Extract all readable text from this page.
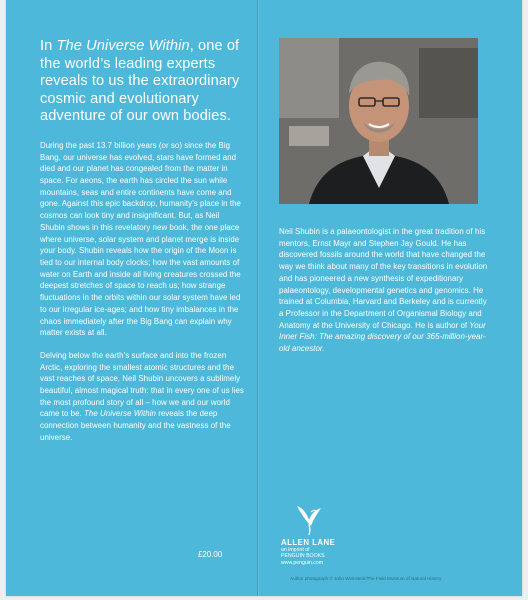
In The Universe Within, one of the world’s leading experts reveals to us the extraordinary cosmic and evolutionary adventure of our own bodies.

During the past 13.7 billion years (or so) since the Big Bang, our universe has evolved, stars have formed and died and our planet has congealed from the matter in space. For aeons, the earth has circled the sun while mountains, seas and entire continents have come and gone. Against this epic backdrop, humanity’s place in the cosmos can look tiny and insignificant. But, as Neil Shubin shows in this revelatory new book, the one place where universe, solar system and planet merge is inside your body. Shubin reveals how the origin of the Moon is tied to our internal body clocks; how the vast amounts of water on Earth and inside all living creatures crossed the deepest stretches of space to reach us; how strange fluctuations in the orbits within our solar system have led to our irregular ice-ages; and how tiny imbalances in the chaos immediately after the Big Bang can explain why matter exists at all.

Delving below the earth’s surface and into the frozen Arctic, exploring the smallest atomic structures and the vast reaches of space, Neil Shubin uncovers a sublimely beautiful, almost magical truth: that in every one of us lies the most profound story of all – how we and our world came to be. The Universe Within reveals the deep connection between humanity and the vastness of the universe.

£20.00

Neil Shubin is a palaeontologist in the great tradition of his mentors, Ernst Mayr and Stephen Jay Gould. He has discovered fossils around the world that have changed the way we think about many of the key transitions in evolution and has pioneered a new synthesis of expeditionary palaeontology, developmental genetics and genomics. He trained at Columbia, Harvard and Berkeley and is currently a Professor in the Department of Organismal Biology and Anatomy at the University of Chicago. He is author of Your Inner Fish: The amazing discovery of our 365-million-year-old ancestor.

ALLEN LANE
an imprint of
PENGUIN BOOKS
www.penguin.com
Author photograph © John Weinstein/The Field Museum of Natural History
